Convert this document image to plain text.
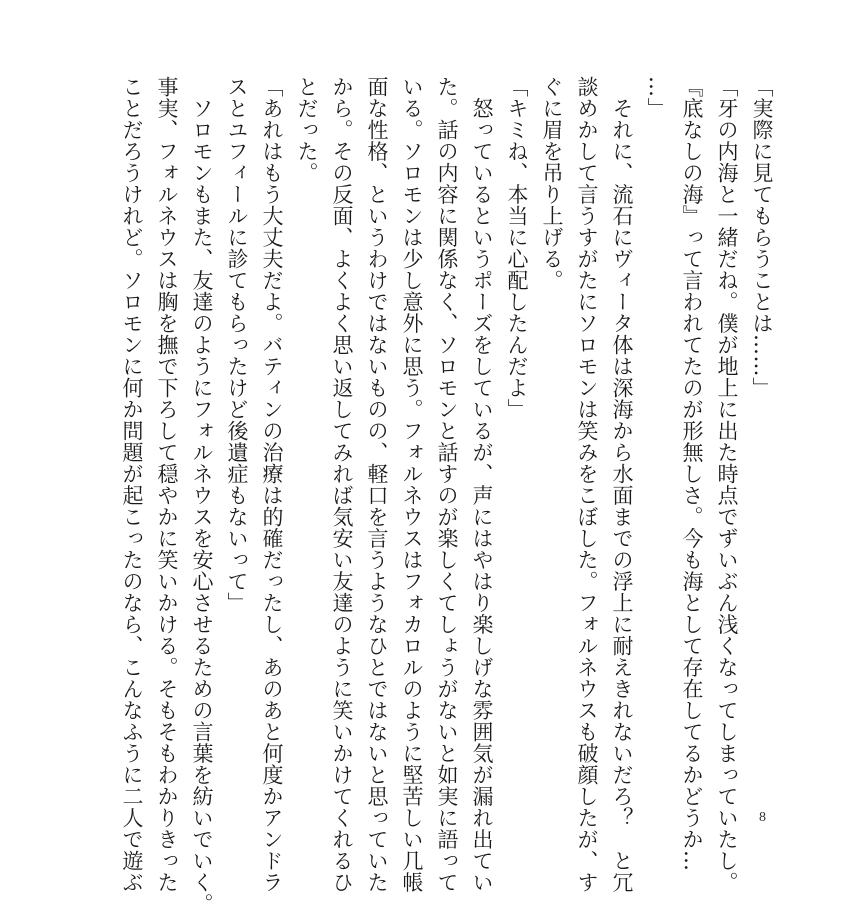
「実際に見てもらうことは……」
「牙の内海と一緒だね。僕が地上に出た時点でずいぶん浅くなってしまっていたし。
『底なしの海』って言われてたのが形無しさ。今も海として存在してるかどうか…
…」
　それに、流石にヴィータ体は深海から水面までの浮上に耐えきれないだろ？　と冗
談めかして言うすがたにソロモンは笑みをこぼした。フォルネウスも破顔したが、す
ぐに眉を吊り上げる。
「キミね、本当に心配したんだよ」
　怒っているというポーズをしているが、声にはやはり楽しげな雰囲気が漏れ出てい
た。話の内容に関係なく、ソロモンと話すのが楽しくてしょうがないと如実に語って
いる。ソロモンは少し意外に思う。フォルネウスはフォカロルのように堅苦しい几帳
面な性格、というわけではないものの、軽口を言うようなひとではないと思っていた
から。その反面、よくよく思い返してみれば気安い友達のように笑いかけてくれるひ
とだった。
「あれはもう大丈夫だよ。バティンの治療は的確だったし、あのあと何度かアンドラ
スとユフィールに診てもらったけど後遺症もないって」
　ソロモンもまた、友達のようにフォルネウスを安心させるための言葉を紡いでいく。
事実、フォルネウスは胸を撫で下ろして穏やかに笑いかける。そもそもわかりきった
ことだろうけれど。ソロモンに何か問題が起こったのなら、こんなふうに二人で遊ぶ	8
